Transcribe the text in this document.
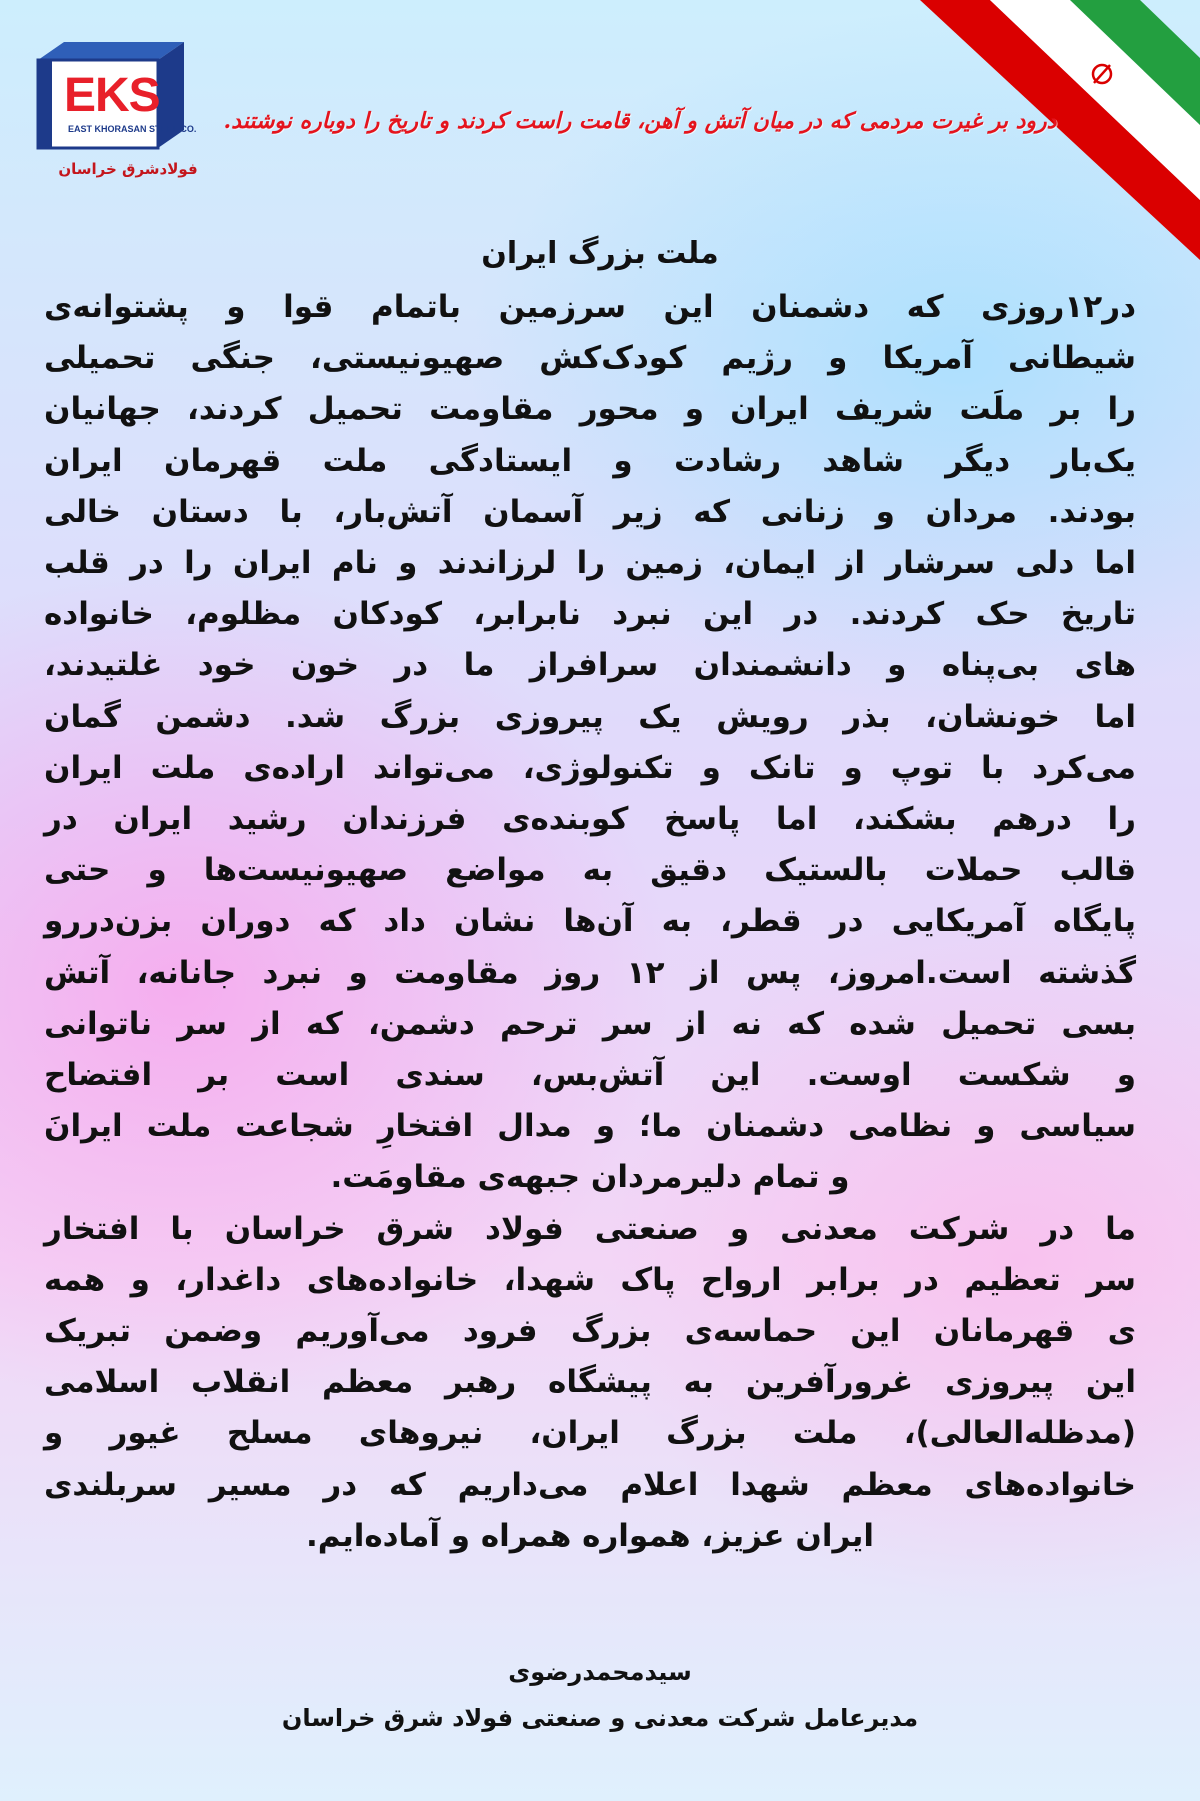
EKS
EAST KHORASAN STEEL CO.
فولادشرق خراسان
درود بر غیرت مردمی که در میان آتش و آهن، قامت راست کردند و تاریخ را دوباره نوشتند.
ملت بزرگ ایران
در۱۲روزی که دشمنان این سرزمین باتمام قوا و پشتوانه‌ی
شیطانی آمریکا و رژیم کودک‌کش صهیونیستی، جنگی تحمیلی
را بر ملَت شریف ایران و محور مقاومت تحمیل کردند، جهانیان
یک‌بار دیگر شاهد رشادت و ایستادگی ملت قهرمان ایران
بودند. مردان و زنانی که زیر آسمان آتش‌بار، با دستان خالی
اما دلی سرشار از ایمان، زمین را لرزاندند و نام ایران را در قلب
تاریخ حک کردند. در این نبرد نابرابر، کودکان مظلوم، خانواده
های بی‌پناه و دانشمندان سرافراز ما در خون خود غلتیدند،
اما خونشان، بذر رویش یک پیروزی بزرگ شد. دشمن گمان
می‌کرد با توپ و تانک و تکنولوژی، می‌تواند اراده‌ی ملت ایران
را درهم بشکند، اما پاسخ کوبنده‌ی فرزندان رشید ایران در
قالب حملات بالستیک دقیق به مواضع صهیونیست‌ها و حتی
پایگاه آمریکایی در قطر، به آن‌ها نشان داد که دوران بزن‌دررو
گذشته است.امروز، پس از ۱۲ روز مقاومت و نبرد جانانه، آتش
بسی تحمیل شده که نه از سر ترحم دشمن، که از سر ناتوانی
و شکست اوست. این آتش‌بس، سندی است بر افتضاح
سیاسی و نظامی دشمنان ما؛ و مدال افتخارِ شجاعت ملت ایرانَ
و تمام دلیرمردان جبهه‌ی مقاومَت.
ما در شرکت معدنی و صنعتی فولاد شرق خراسان با افتخار
سر تعظیم در برابر ارواح پاک شهدا، خانواده‌های داغدار، و همه
ی قهرمانان این حماسه‌ی بزرگ فرود می‌آوریم وضمن تبریک
این پیروزی غرورآفرین به پیشگاه رهبر معظم انقلاب اسلامی
(مدظله‌العالی)، ملت بزرگ ایران، نیروهای مسلح غیور و
خانواده‌های معظم شهدا اعلام می‌داریم که در مسیر سربلندی
ایران عزیز، همواره همراه و آماده‌ایم.
سیدمحمدرضوی
مدیرعامل شرکت معدنی و صنعتی فولاد شرق خراسان
